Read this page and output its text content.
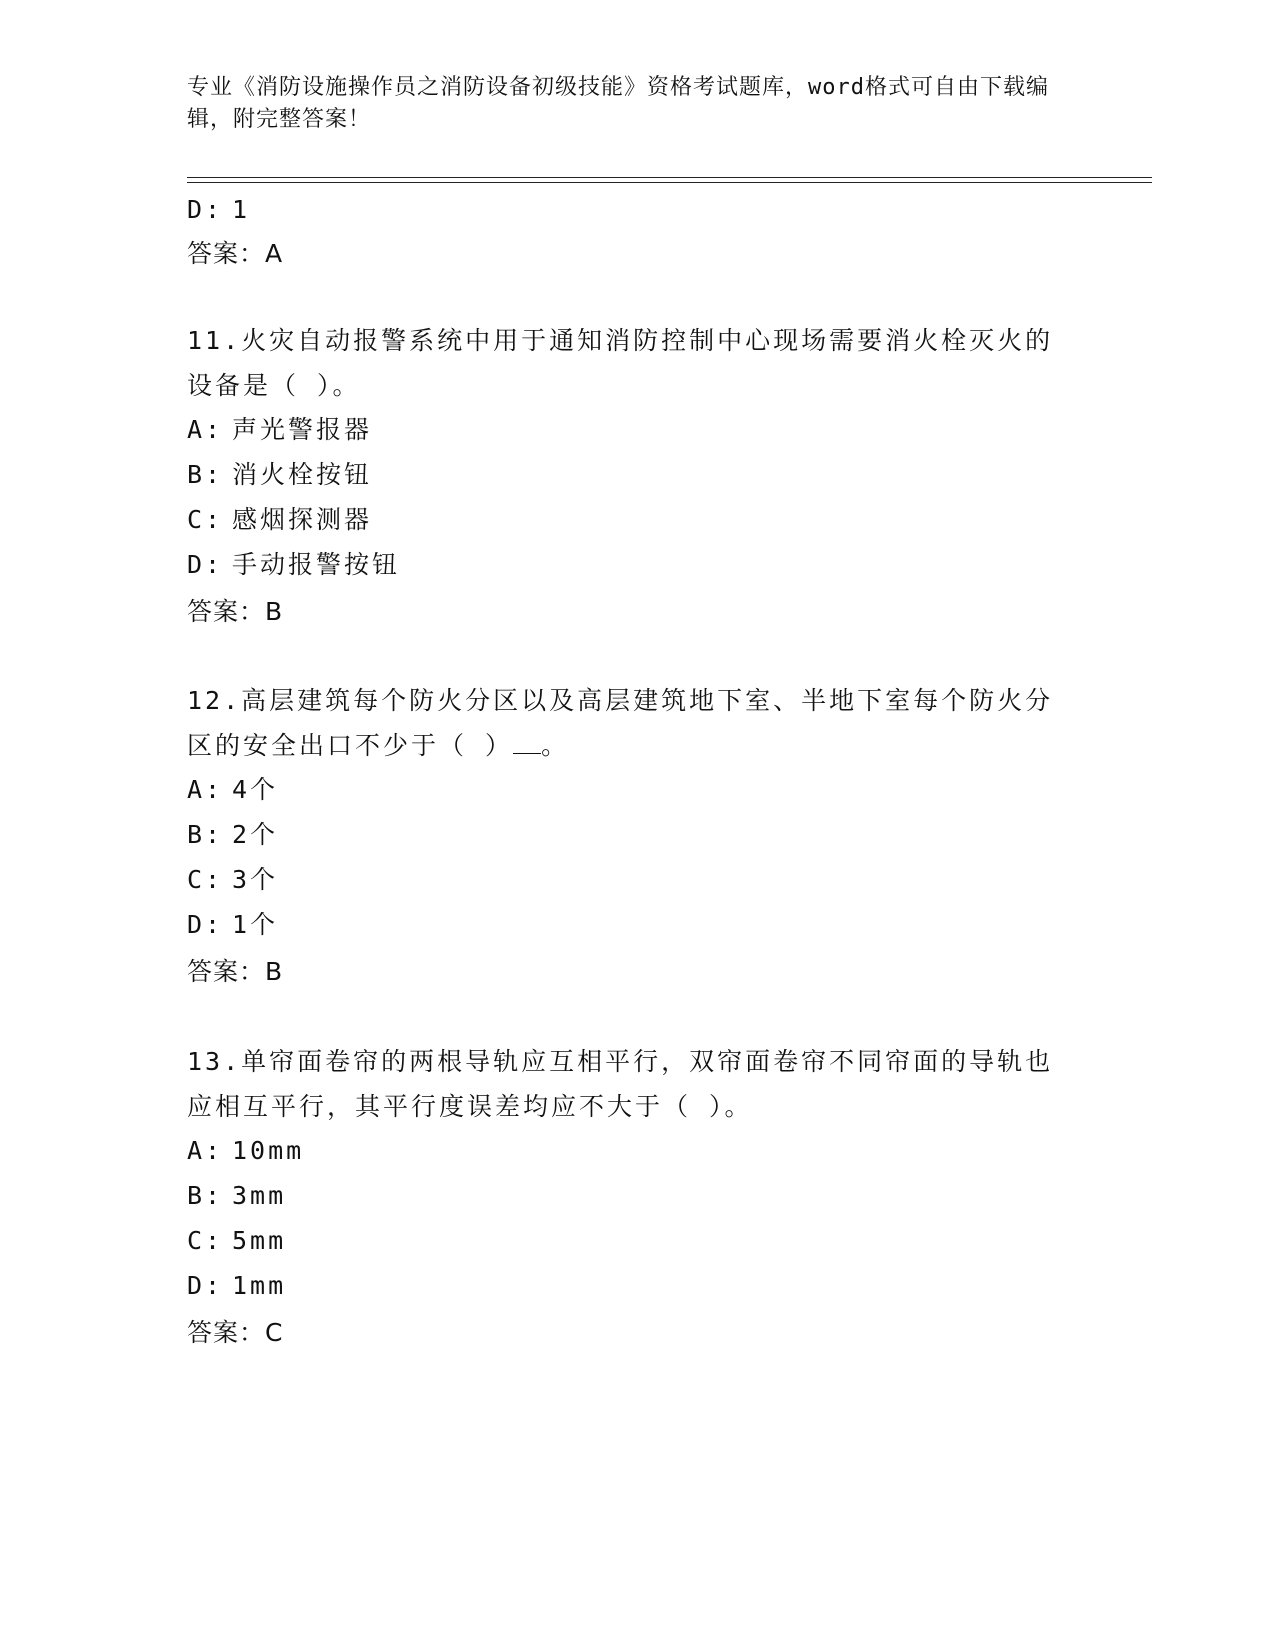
专业《消防设施操作员之消防设备初级技能》资格考试题库，word格式可自由下载编辑，附完整答案！
D: 1
答案：A
11.火灾自动报警系统中用于通知消防控制中心现场需要消火栓灭火的
设备是（ ）。
A: 声光警报器
B: 消火栓按钮
C: 感烟探测器
D: 手动报警按钮
答案：B
12.高层建筑每个防火分区以及高层建筑地下室、半地下室每个防火分
区的安全出口不少于（ ） 。
A: 4个
B: 2个
C: 3个
D: 1个
答案：B
13.单帘面卷帘的两根导轨应互相平行，双帘面卷帘不同帘面的导轨也
应相互平行，其平行度误差均应不大于（ ）。
A: 10mm
B: 3mm
C: 5mm
D: 1mm
答案：C
